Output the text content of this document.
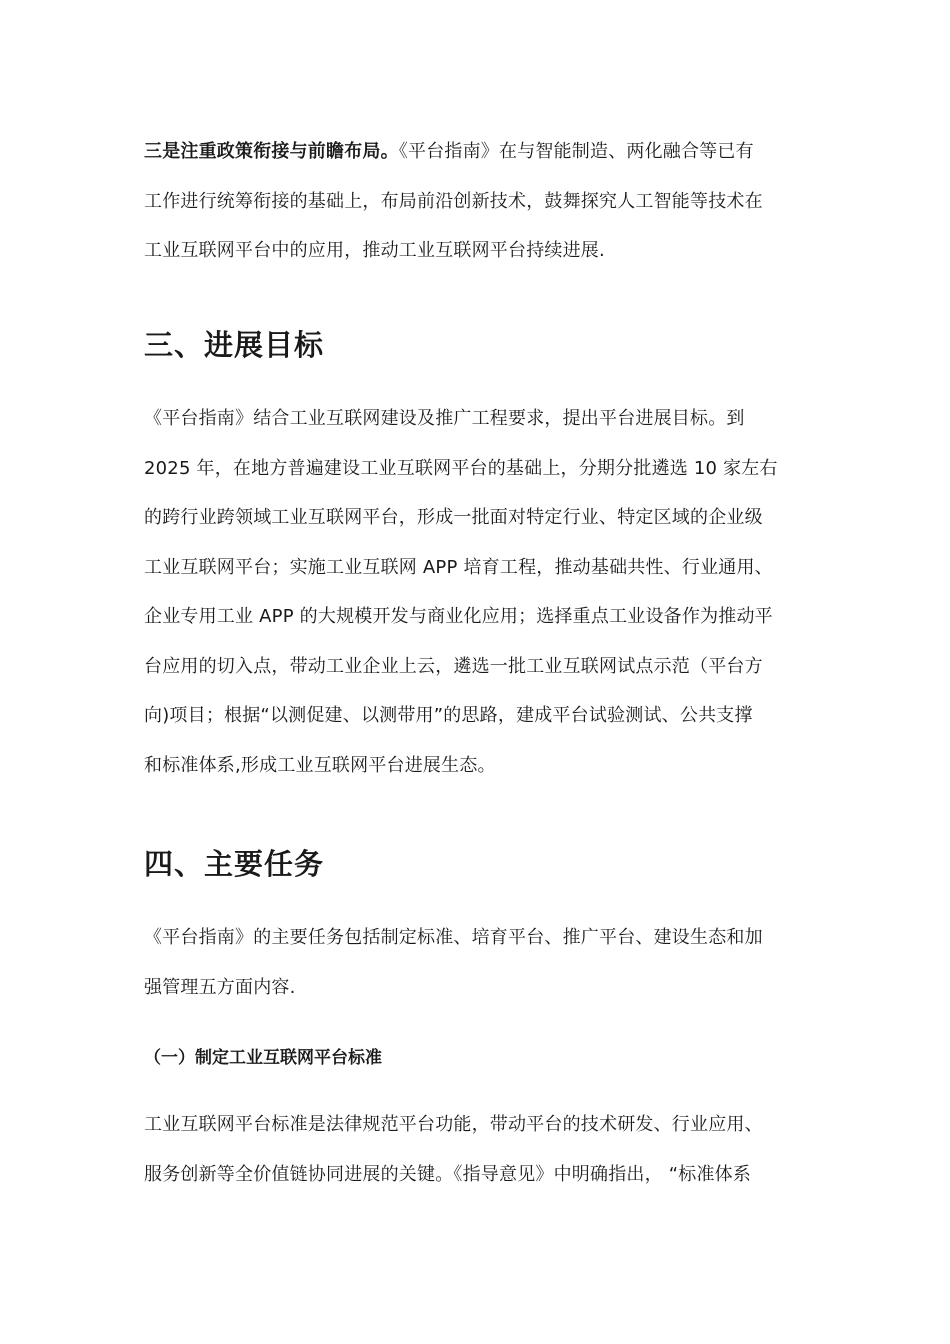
三是注重政策衔接与前瞻布局。《平台指南》在与智能制造、两化融合等已有
工作进行统筹衔接的基础上，布局前沿创新技术，鼓舞探究人工智能等技术在
工业互联网平台中的应用，推动工业互联网平台持续进展.

三、进展目标

《平台指南》结合工业互联网建设及推广工程要求，提出平台进展目标。到
2025 年，在地方普遍建设工业互联网平台的基础上，分期分批遴选 10 家左右
的跨行业跨领域工业互联网平台，形成一批面对特定行业、特定区域的企业级
工业互联网平台；实施工业互联网 APP 培育工程，推动基础共性、行业通用、
企业专用工业 APP 的大规模开发与商业化应用；选择重点工业设备作为推动平
台应用的切入点，带动工业企业上云，遴选一批工业互联网试点示范（平台方
向)项目；根据“以测促建、以测带用”的思路，建成平台试验测试、公共支撑
和标准体系,形成工业互联网平台进展生态。

四、主要任务

《平台指南》的主要任务包括制定标准、培育平台、推广平台、建设生态和加
强管理五方面内容.

（一）制定工业互联网平台标准

工业互联网平台标准是法律规范平台功能，带动平台的技术研发、行业应用、
服务创新等全价值链协同进展的关键。《指导意见》中明确指出， “标准体系
